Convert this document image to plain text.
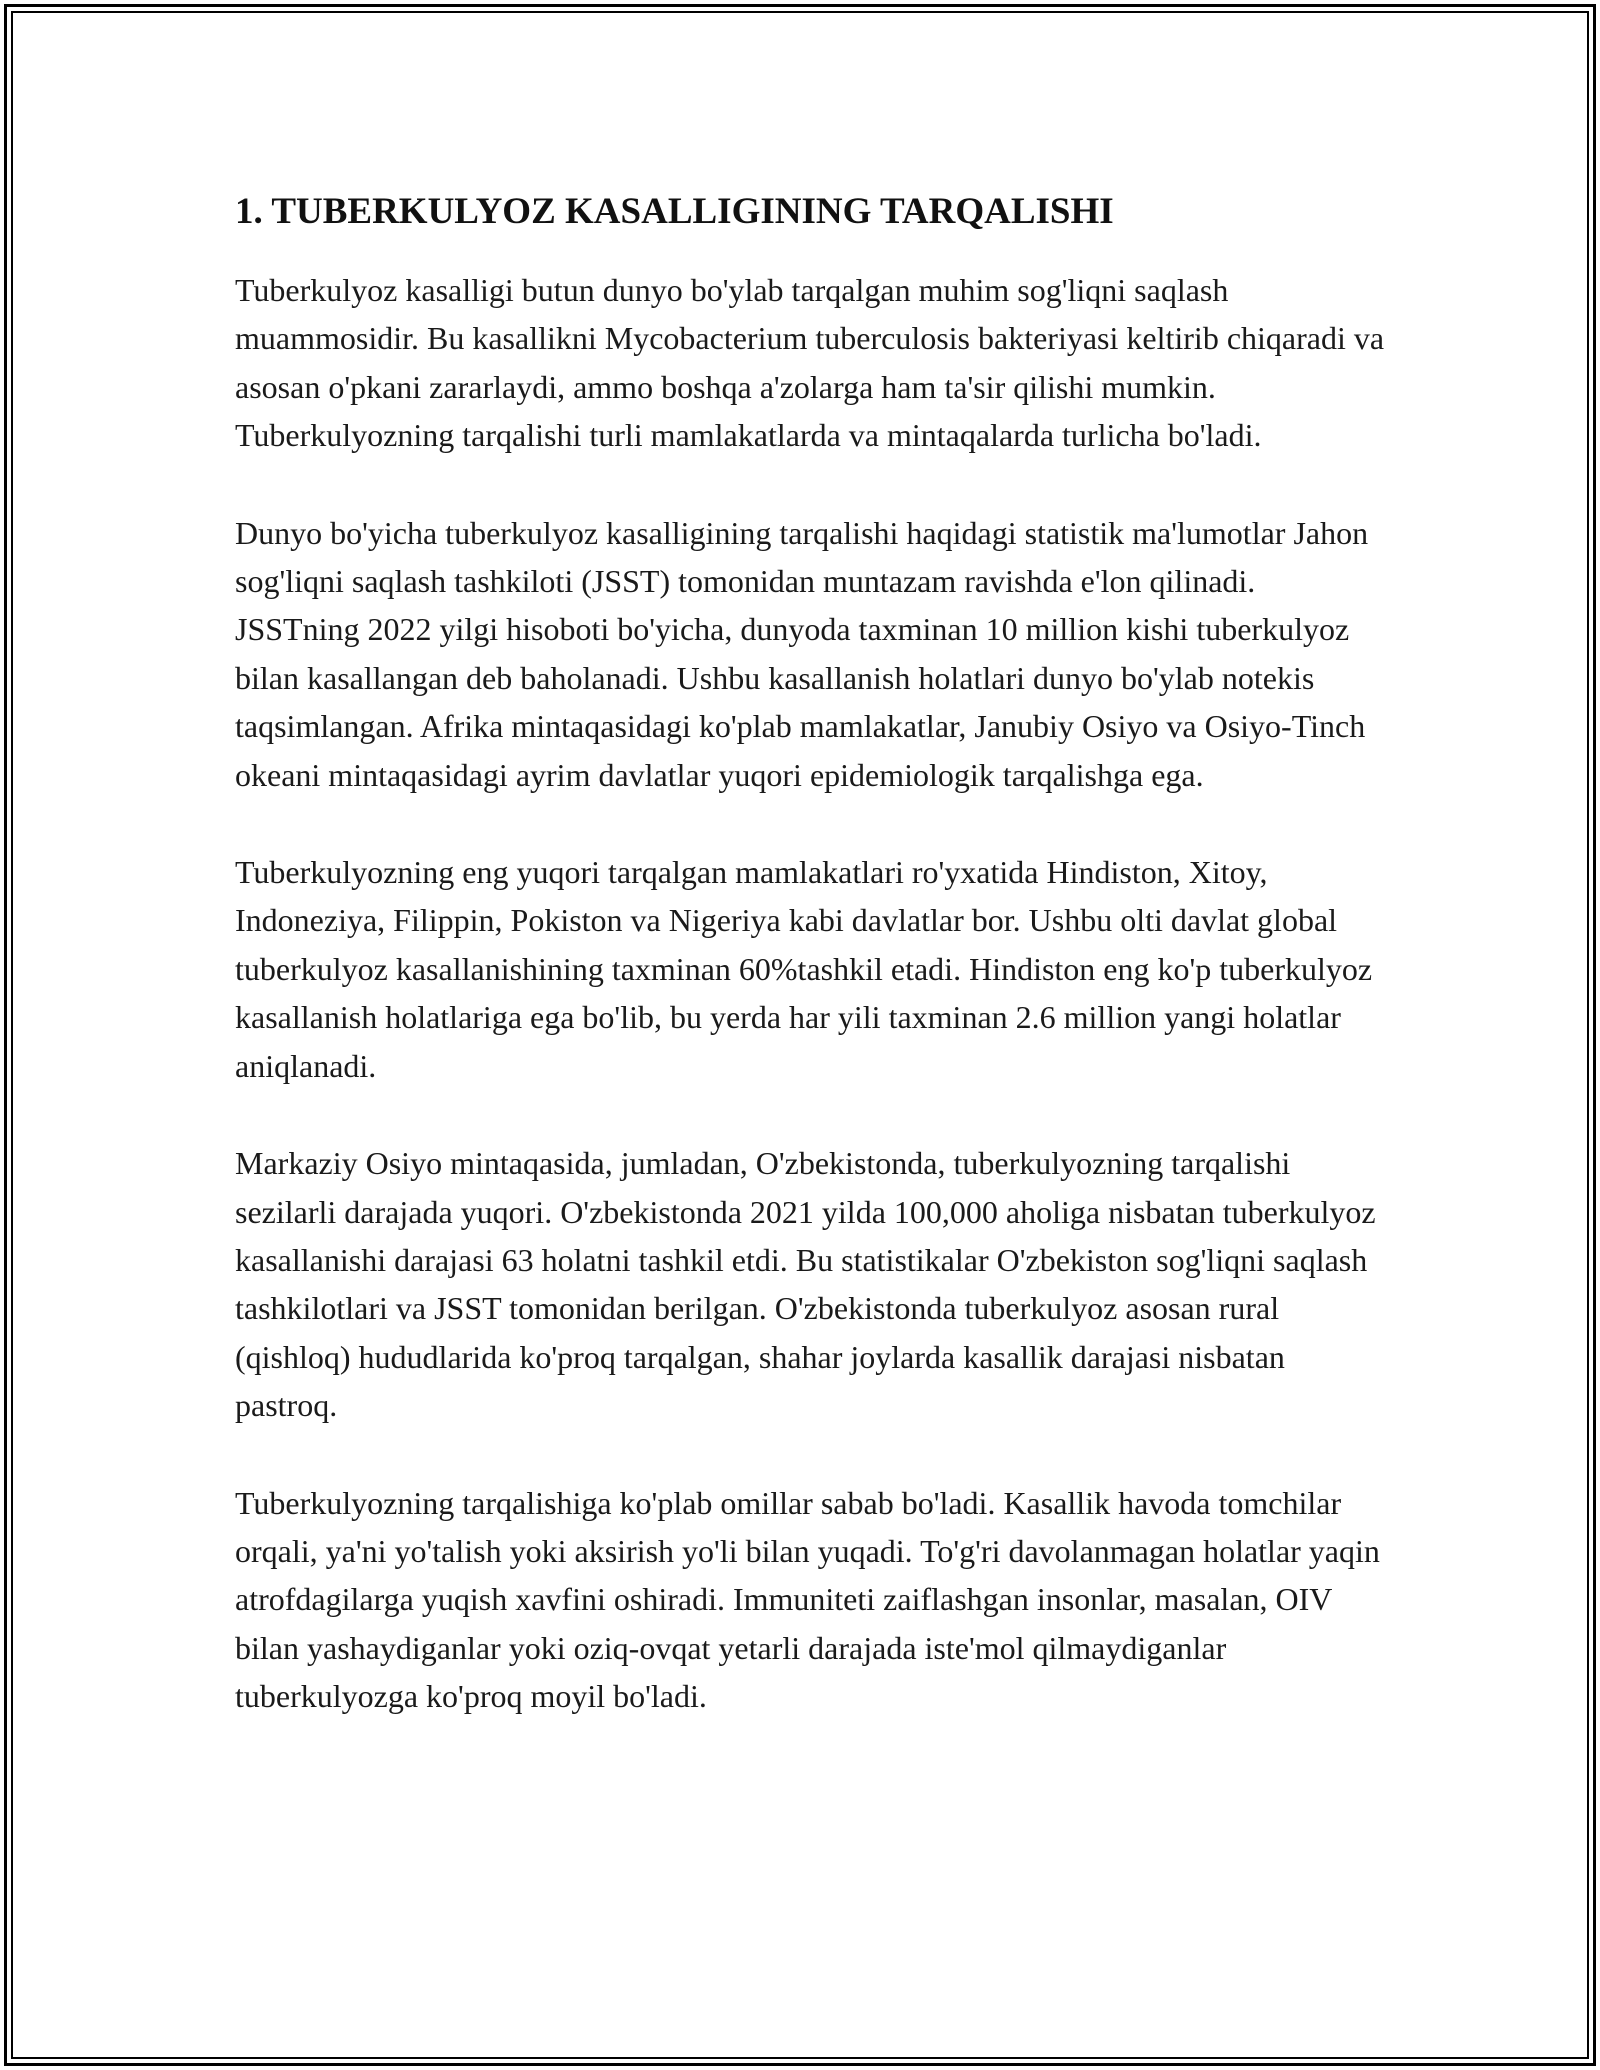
1. TUBERKULYOZ KASALLIGINING TARQALISHI

Tuberkulyoz kasalligi butun dunyo bo'ylab tarqalgan muhim sog'liqni saqlash muammosidir. Bu kasallikni Mycobacterium tuberculosis bakteriyasi keltirib chiqaradi va asosan o'pkani zararlaydi, ammo boshqa a'zolarga ham ta'sir qilishi mumkin. Tuberkulyozning tarqalishi turli mamlakatlarda va mintaqalarda turlicha bo'ladi.

Dunyo bo'yicha tuberkulyoz kasalligining tarqalishi haqidagi statistik ma'lumotlar Jahon sog'liqni saqlash tashkiloti (JSST) tomonidan muntazam ravishda e'lon qilinadi. JSSTning 2022 yilgi hisoboti bo'yicha, dunyoda taxminan 10 million kishi tuberkulyoz bilan kasallangan deb baholanadi. Ushbu kasallanish holatlari dunyo bo'ylab notekis taqsimlangan. Afrika mintaqasidagi ko'plab mamlakatlar, Janubiy Osiyo va Osiyo-Tinch okeani mintaqasidagi ayrim davlatlar yuqori epidemiologik tarqalishga ega.

Tuberkulyozning eng yuqori tarqalgan mamlakatlari ro'yxatida Hindiston, Xitoy, Indoneziya, Filippin, Pokiston va Nigeriya kabi davlatlar bor. Ushbu olti davlat global tuberkulyoz kasallanishining taxminan 60%tashkil etadi. Hindiston eng ko'p tuberkulyoz kasallanish holatlariga ega bo'lib, bu yerda har yili taxminan 2.6 million yangi holatlar aniqlanadi.

Markaziy Osiyo mintaqasida, jumladan, O'zbekistonda, tuberkulyozning tarqalishi sezilarli darajada yuqori. O'zbekistonda 2021 yilda 100,000 aholiga nisbatan tuberkulyoz kasallanishi darajasi 63 holatni tashkil etdi. Bu statistikalar O'zbekiston sog'liqni saqlash tashkilotlari va JSST tomonidan berilgan. O'zbekistonda tuberkulyoz asosan rural (qishloq) hududlarida ko'proq tarqalgan, shahar joylarda kasallik darajasi nisbatan pastroq.

Tuberkulyozning tarqalishiga ko'plab omillar sabab bo'ladi. Kasallik havoda tomchilar orqali, ya'ni yo'talish yoki aksirish yo'li bilan yuqadi. To'g'ri davolanmagan holatlar yaqin atrofdagilarga yuqish xavfini oshiradi. Immuniteti zaiflashgan insonlar, masalan, OIV bilan yashaydiganlar yoki oziq-ovqat yetarli darajada iste'mol qilmaydiganlar tuberkulyozga ko'proq moyil bo'ladi.
